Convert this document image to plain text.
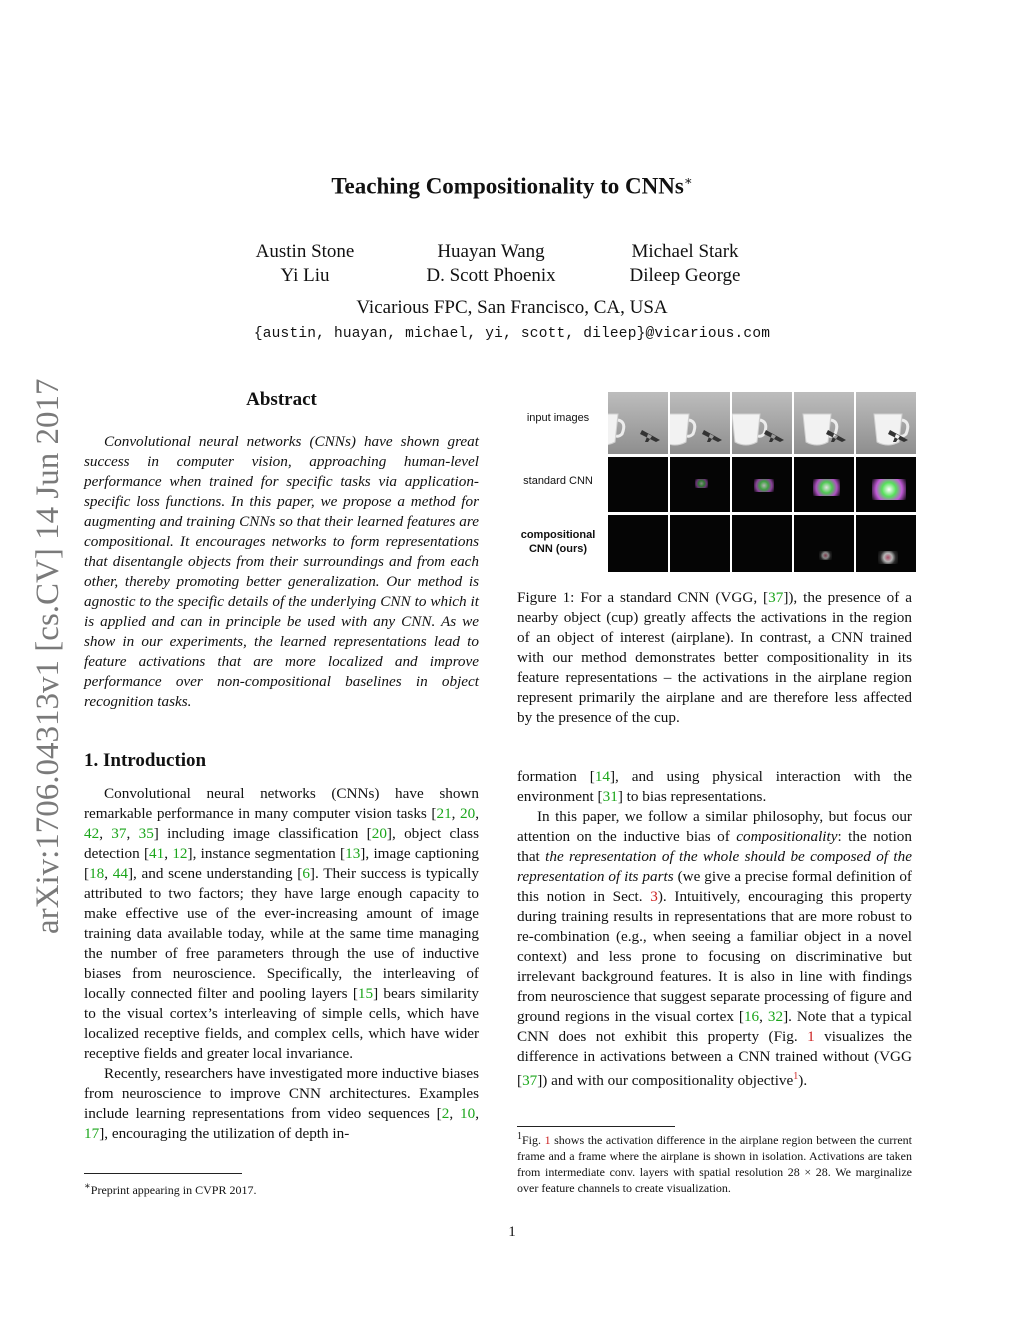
arXiv:1706.04313v1 [cs.CV] 14 Jun 2017
Teaching Compositionality to CNNs∗
Austin Stone	Huayan Wang	Michael Stark
Yi Liu	D. Scott Phoenix	Dileep George
Vicarious FPC, San Francisco, CA, USA
{austin, huayan, michael, yi, scott, dileep}@vicarious.com
Abstract

Convolutional neural networks (CNNs) have shown great success in computer vision, approaching human-level performance when trained for specific tasks via application-specific loss functions. In this paper, we propose a method for augmenting and training CNNs so that their learned features are compositional. It encourages networks to form representations that disentangle objects from their surroundings and from each other, thereby promoting better generalization. Our method is agnostic to the specific details of the underlying CNN to which it is applied and can in principle be used with any CNN. As we show in our experiments, the learned representations lead to feature activations that are more localized and improve performance over non-compositional baselines in object recognition tasks.

1. Introduction

Convolutional neural networks (CNNs) have shown remarkable performance in many computer vision tasks [21, 20, 42, 37, 35] including image classification [20], object class detection [41, 12], instance segmentation [13], image captioning [18, 44], and scene understanding [6]. Their success is typically attributed to two factors; they have large enough capacity to make effective use of the ever-increasing amount of image training data available today, while at the same time managing the number of free parameters through the use of inductive biases from neuroscience. Specifically, the interleaving of locally connected filter and pooling layers [15] bears similarity to the visual cortex’s interleaving of simple cells, which have localized receptive fields, and complex cells, which have wider receptive fields and greater local invariance.

Recently, researchers have investigated more inductive biases from neuroscience to improve CNN architectures. Examples include learning representations from video sequences [2, 10, 17], encouraging the utilization of depth in-

∗Preprint appearing in CVPR 2017.
input images
standard CNN
compositional CNN (ours)

Figure 1: For a standard CNN (VGG, [37]), the presence of a nearby object (cup) greatly affects the activations in the region of an object of interest (airplane). In contrast, a CNN trained with our method demonstrates better compositionality in its feature representations – the activations in the airplane region represent primarily the airplane and are therefore less affected by the presence of the cup.

formation [14], and using physical interaction with the environment [31] to bias representations.

In this paper, we follow a similar philosophy, but focus our attention on the inductive bias of compositionality: the notion that the representation of the whole should be composed of the representation of its parts (we give a precise formal definition of this notion in Sect. 3). Intuitively, encouraging this property during training results in representations that are more robust to re-combination (e.g., when seeing a familiar object in a novel context) and less prone to focusing on discriminative but irrelevant background features. It is also in line with findings from neuroscience that suggest separate processing of figure and ground regions in the visual cortex [16, 32]. Note that a typical CNN does not exhibit this property (Fig. 1 visualizes the difference in activations between a CNN trained without (VGG [37]) and with our compositionality objective$^1$).

$^1$Fig. 1 shows the activation difference in the airplane region between the current frame and a frame where the airplane is shown in isolation. Activations are taken from intermediate conv. layers with spatial resolution 28 × 28. We marginalize over feature channels to create visualization.
1
